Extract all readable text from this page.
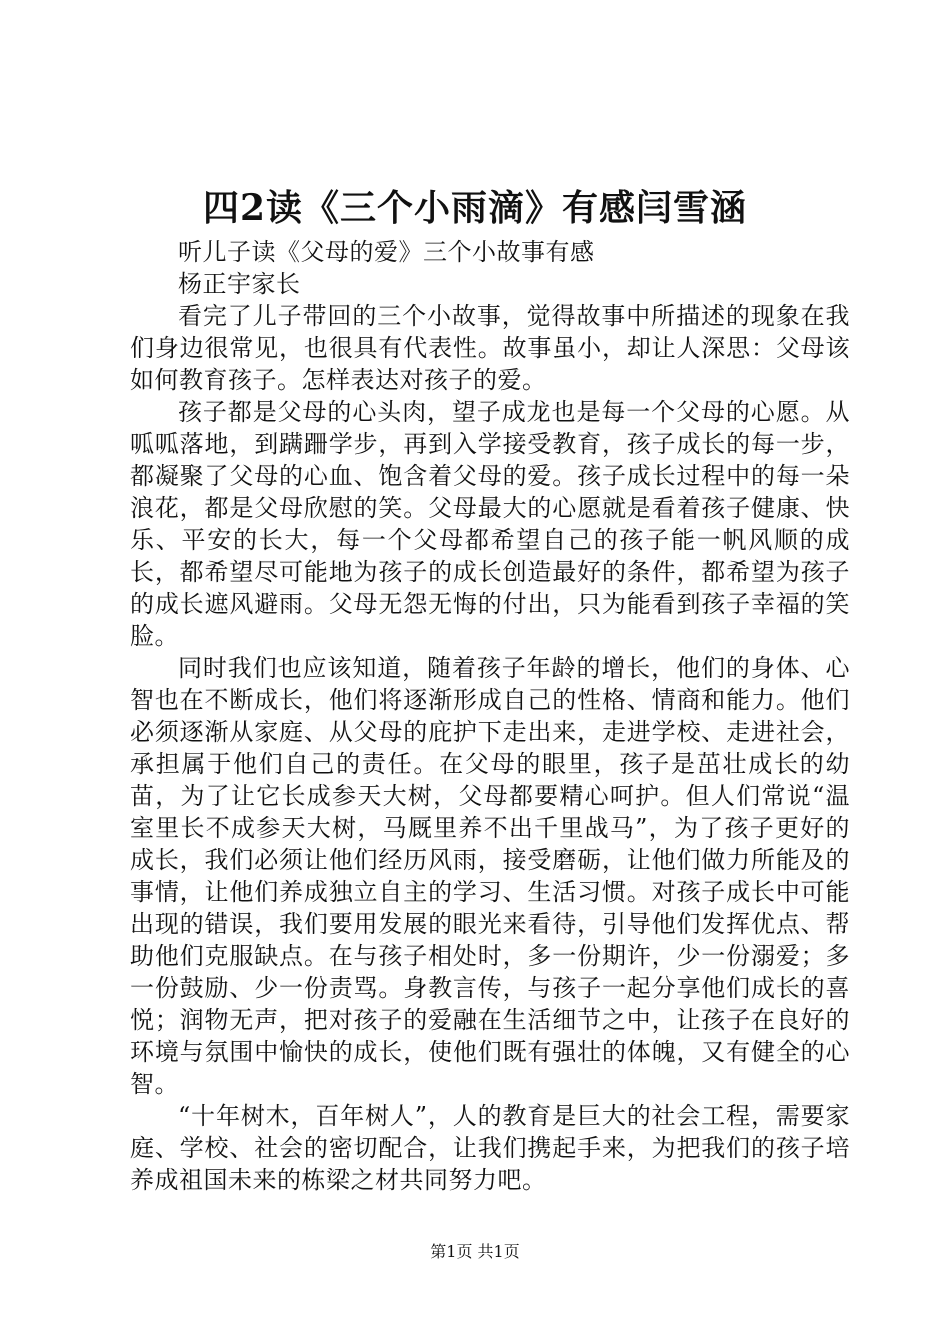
四2读《三个小雨滴》有感闫雪涵

听儿子读《父母的爱》三个小故事有感

杨正宇家长

看完了儿子带回的三个小故事，觉得故事中所描述的现象在我们身边很常见，也很具有代表性。故事虽小，却让人深思：父母该如何教育孩子。怎样表达对孩子的爱。

孩子都是父母的心头肉，望子成龙也是每一个父母的心愿。从呱呱落地，到蹒跚学步，再到入学接受教育，孩子成长的每一步，都凝聚了父母的心血、饱含着父母的爱。孩子成长过程中的每一朵浪花，都是父母欣慰的笑。父母最大的心愿就是看着孩子健康、快乐、平安的长大，每一个父母都希望自己的孩子能一帆风顺的成长，都希望尽可能地为孩子的成长创造最好的条件，都希望为孩子的成长遮风避雨。父母无怨无悔的付出，只为能看到孩子幸福的笑脸。

同时我们也应该知道，随着孩子年龄的增长，他们的身体、心智也在不断成长，他们将逐渐形成自己的性格、情商和能力。他们必须逐渐从家庭、从父母的庇护下走出来，走进学校、走进社会，承担属于他们自己的责任。在父母的眼里，孩子是茁壮成长的幼苗，为了让它长成参天大树，父母都要精心呵护。但人们常说“温室里长不成参天大树，马厩里养不出千里战马”，为了孩子更好的成长，我们必须让他们经历风雨，接受磨砺，让他们做力所能及的事情，让他们养成独立自主的学习、生活习惯。对孩子成长中可能出现的错误，我们要用发展的眼光来看待，引导他们发挥优点、帮助他们克服缺点。在与孩子相处时，多一份期许，少一份溺爱；多一份鼓励、少一份责骂。身教言传，与孩子一起分享他们成长的喜悦；润物无声，把对孩子的爱融在生活细节之中，让孩子在良好的环境与氛围中愉快的成长，使他们既有强壮的体魄，又有健全的心智。

“十年树木，百年树人”，人的教育是巨大的社会工程，需要家庭、学校、社会的密切配合，让我们携起手来，为把我们的孩子培养成祖国未来的栋梁之材共同努力吧。

第1页 共1页
